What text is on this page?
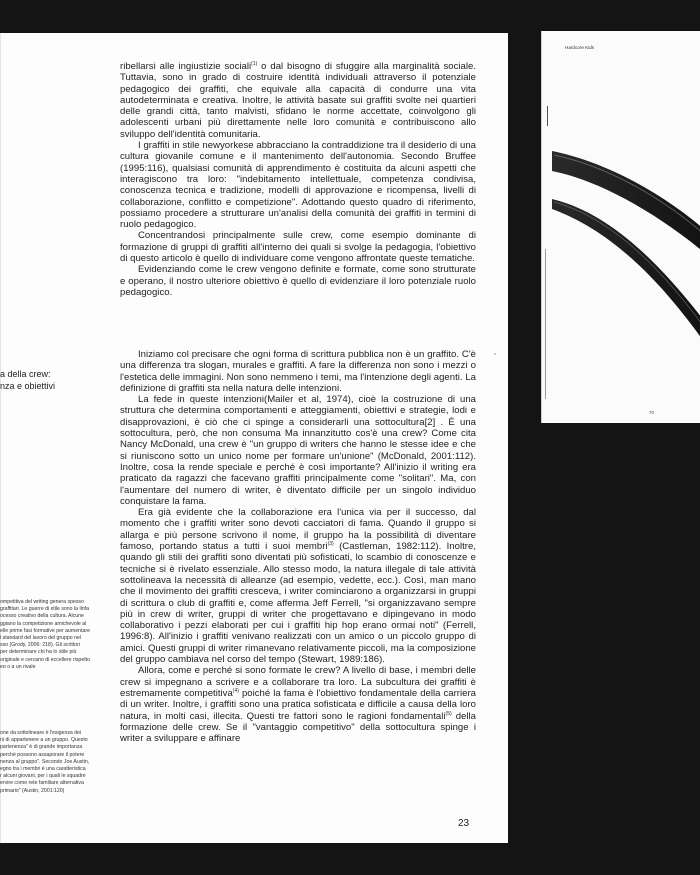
ribellarsi alle ingiustizie sociali$^{(1)}$ o dal bisogno di sfuggire alla marginalità sociale. Tuttavia, sono in grado di costruire identità individuali attraverso il potenziale pedagogico dei graffiti, che equivale alla capacità di condurre una vita autodeterminata e creativa. Inoltre, le attività basate sui graffiti svolte nei quartieri delle grandi città, tanto malvisti, sfidano le norme accettate, coinvolgono gli adolescenti urbani più direttamente nelle loro comunità e contribuiscono allo sviluppo dell'identità comunitaria.

I graffiti in stile newyorkese abbracciano la contraddizione tra il desiderio di una cultura giovanile comune e il mantenimento dell'autonomia. Secondo Bruffee (1995:116), qualsiasi comunità di apprendimento è costituita da alcuni aspetti che interagiscono tra loro: "indebitamento intellettuale, competenza condivisa, conoscenza tecnica e tradizione, modelli di approvazione e ricompensa, livelli di collaborazione, conflitto e competizione". Adottando questo quadro di riferimento, possiamo procedere a strutturare un'analisi della comunità dei graffiti in termini di ruolo pedagogico.

Concentrandosi principalmente sulle crew, come esempio dominante di formazione di gruppi di graffiti all'interno dei quali si svolge la pedagogia, l'obiettivo di questo articolo è quello di individuare come vengono affrontate queste tematiche.

Evidenziando come le crew vengono definite e formate, come sono strutturate e operano, il nostro ulteriore obiettivo è quello di evidenziare il loro potenziale ruolo pedagogico.

Iniziamo col precisare che ogni forma di scrittura pubblica non è un graffito. C'è una differenza tra slogan, murales e graffiti. A fare la differenza non sono i mezzi o l'estetica delle immagini. Non sono nemmeno i temi, ma l'intenzione degli agenti. La definizione di graffiti sta nella natura delle intenzioni.

La fede in queste intenzioni(Mailer et al, 1974), cioè la costruzione di una struttura che determina comportamenti e atteggiamenti, obiettivi e strategie, lodi e disapprovazioni, è ciò che ci spinge a considerarli una sottocultura[2] . È una sottocultura, però, che non consuma Ma innanzitutto cos'è una crew? Come cita Nancy McDonald, una crew è "un gruppo di writers che hanno le stesse idee e che si riuniscono sotto un unico nome per formare un'unione" (McDonald, 2001:112). Inoltre, cosa la rende speciale e perché è così importante? All'inizio il writing era praticato da ragazzi che facevano graffiti principalmente come "solitari". Ma, con l'aumentare del numero di writer, è diventato difficile per un singolo individuo conquistare la fama.

Era già evidente che la collaborazione era l'unica via per il successo, dal momento che i graffiti writer sono devoti cacciatori di fama. Quando il gruppo si allarga e più persone scrivono il nome, il gruppo ha la possibilità di diventare famoso, portando status a tutti i suoi membri$^{(3)}$ (Castleman, 1982:112). Inoltre, quando gli stili dei graffiti sono diventati più sofisticati, lo scambio di conoscenze e tecniche si è rivelato essenziale. Allo stesso modo, la natura illegale di tale attività sottolineava la necessità di alleanze (ad esempio, vedette, ecc.). Così, man mano che il movimento dei graffiti cresceva, i writer cominciarono a organizzarsi in gruppi di scrittura o club di graffiti e, come afferma Jeff Ferrell, "si organizzavano sempre più in crew di writer, gruppi di writer che progettavano e dipingevano in modo collaborativo i pezzi elaborati per cui i graffiti hip hop erano ormai noti" (Ferrell, 1996:8). All'inizio i graffiti venivano realizzati con un amico o un piccolo gruppo di amici. Questi gruppi di writer rimanevano relativamente piccoli, ma la composizione del gruppo cambiava nel corso del tempo (Stewart, 1989:186).

Allora, come e perché si sono formate le crew? A livello di base, i membri delle crew si impegnano a scrivere e a collaborare tra loro. La subcultura dei graffiti è estremamente competitiva$^{(4)}$ poiché la fama è l'obiettivo fondamentale della carriera di un writer. Inoltre, i graffiti sono una pratica sofisticata e difficile a causa della loro natura, in molti casi, illecita. Questi tre fattori sono le ragioni fondamentali$^{(5)}$ della formazione delle crew. Se il "vantaggio competitivo" della sottocultura spinge i writer a sviluppare e affinare

a della crew:
nza e obiettivi
ompetitiva del writing genera spesso
graffitari. Le guerre di stile sono la linfa
ocesso creativo della cultura. Alcune
ggiano la competizione amichevole al
elle prime fasi formative per aumentare
l standard del lavoro del gruppo nel
sso (Grody, 2006: 218). Gli scrittori
per determinare chi ha lo stile più
originale e cercano di eccellere rispetto
eo o a un rivale
one da sottolineare è l'esigenza dei
ni di appartenere a un gruppo. Questo
partenenza" è di grande importanza
perché possono assaporare il potere
nenza al gruppo". Secondo Joe Austin,
egno tra i membri è una caratteristica
r alcuni giovani, per i quali le squadre
ervire come rete familiare alternativa
primario" (Austin, 2001:120)
23
Hardcore Kids
70
